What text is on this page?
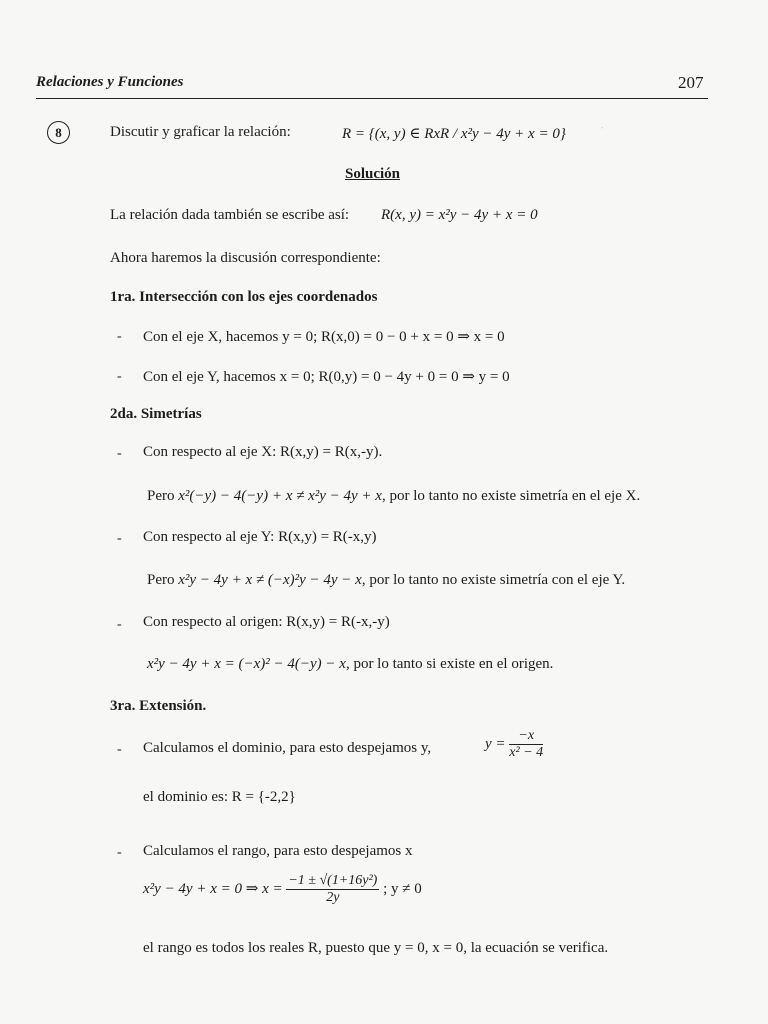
·
Relaciones y Funciones	207
8	Discutir y graficar la relación:	R = {(x, y) ∈ RxR / x²y − 4y + x = 0}
Solución
La relación dada también se escribe así: R(x, y) = x²y − 4y + x = 0
Ahora haremos la discusión correspondiente:
1ra. Intersección con los ejes coordenados
- Con el eje X, hacemos y = 0; R(x,0) = 0 − 0 + x = 0 ⇒ x = 0
- Con el eje Y, hacemos x = 0; R(0,y) = 0 − 4y + 0 = 0 ⇒ y = 0
2da. Simetrías
- Con respecto al eje X: R(x,y) = R(x,-y).
Pero x²(−y) − 4(−y) + x ≠ x²y − 4y + x, por lo tanto no existe simetría en el eje X.
- Con respecto al eje Y: R(x,y) = R(-x,y)
Pero x²y − 4y + x ≠ (−x)²y − 4y − x, por lo tanto no existe simetría con el eje Y.
- Con respecto al origen: R(x,y) = R(-x,-y)
x²y − 4y + x = (−x)² − 4(−y) − x, por lo tanto si existe en el origen.
3ra. Extensión.
- Calculamos el dominio, para esto despejamos y,	$y = \frac{-x}{\text{x² − 4}}$
el dominio es: R = {-2,2}
- Calculamos el rango, para esto despejamos x
x²y − 4y + x = 0 ⇒ $x = \frac{\text{−1 ± √(1+16y²)}}{2y}$ ; y ≠ 0
el rango es todos los reales R, puesto que y = 0, x = 0, la ecuación se verifica.
